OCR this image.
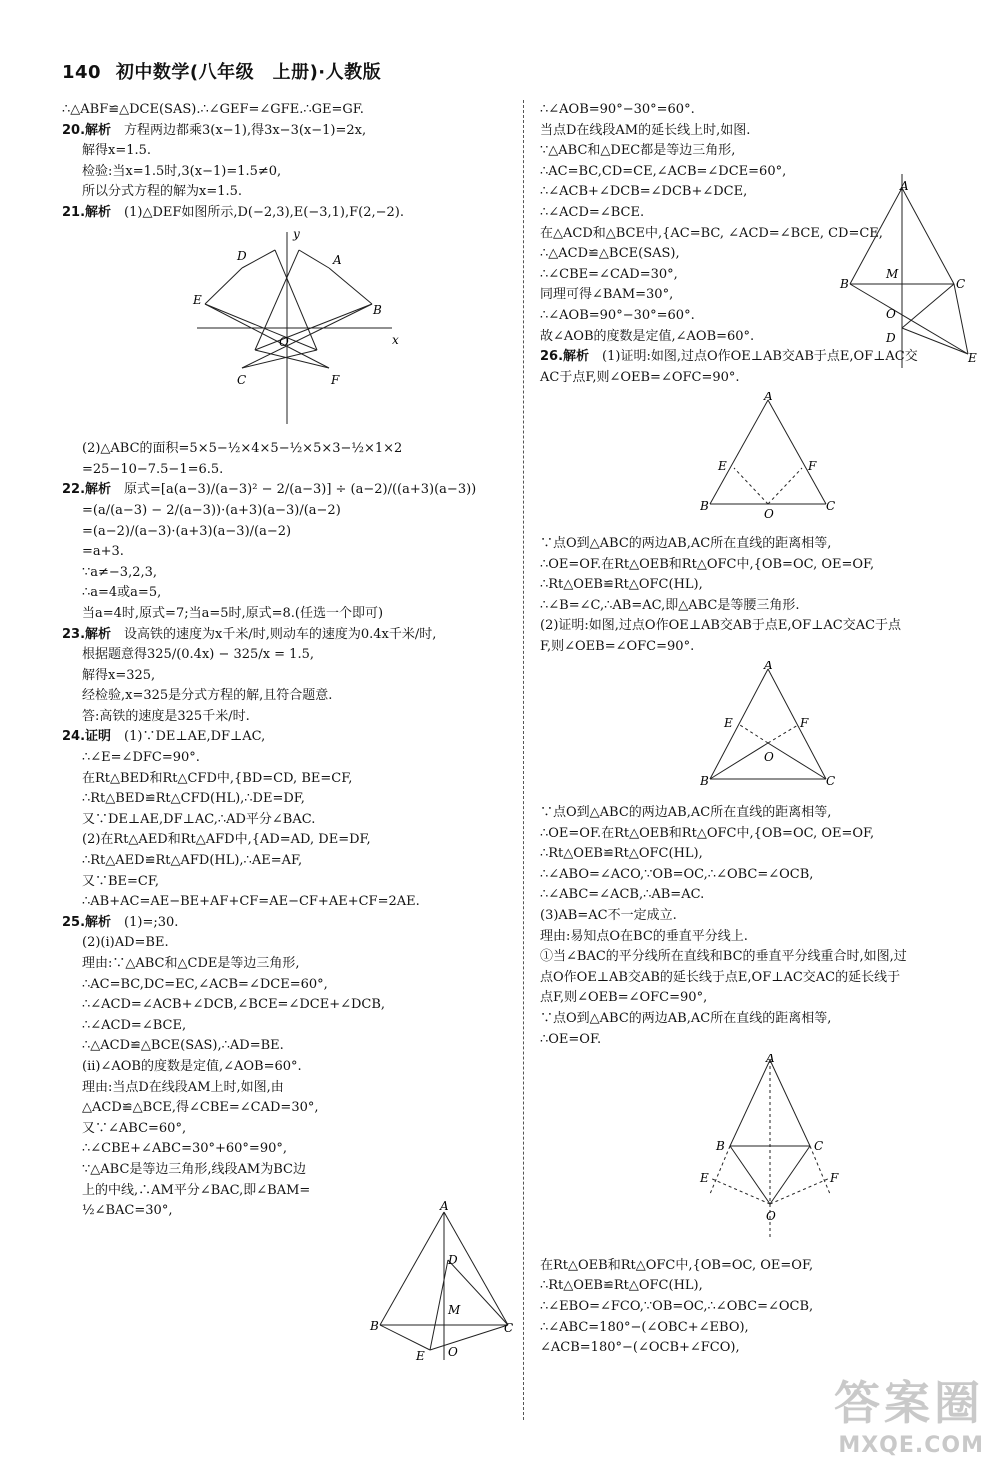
140 初中数学(八年级　上册)·人教版
∴△ABF≌△DCE(SAS).∴∠GEF=∠GFE.∴GE=GF.
20.解析　方程两边都乘3(x−1),得3x−3(x−1)=2x,
解得x=1.5.
检验:当x=1.5时,3(x−1)=1.5≠0,
所以分式方程的解为x=1.5.
21.解析　(1)△DEF如图所示,D(−2,3),E(−3,1),F(2,−2).
y
x
O
A
B
C
D
E
F
(2)△ABC的面积=5×5−½×4×5−½×5×3−½×1×2
=25−10−7.5−1=6.5.
22.解析　原式=[a(a−3)/(a−3)² − 2/(a−3)] ÷ (a−2)/((a+3)(a−3))
=(a/(a−3) − 2/(a−3))·(a+3)(a−3)/(a−2)
=(a−2)/(a−3)·(a+3)(a−3)/(a−2)
=a+3.
∵a≠−3,2,3,
∴a=4或a=5,
当a=4时,原式=7;当a=5时,原式=8.(任选一个即可)
23.解析　设高铁的速度为x千米/时,则动车的速度为0.4x千米/时,
根据题意得325/(0.4x) − 325/x = 1.5,
解得x=325,
经检验,x=325是分式方程的解,且符合题意.
答:高铁的速度是325千米/时.
24.证明　(1)∵DE⊥AE,DF⊥AC,
∴∠E=∠DFC=90°.
在Rt△BED和Rt△CFD中,{BD=CD, BE=CF,
∴Rt△BED≌Rt△CFD(HL),∴DE=DF,
又∵DE⊥AE,DF⊥AC,∴AD平分∠BAC.
(2)在Rt△AED和Rt△AFD中,{AD=AD, DE=DF,
∴Rt△AED≌Rt△AFD(HL),∴AE=AF,
又∵BE=CF,
∴AB+AC=AE−BE+AF+CF=AE−CF+AE+CF=2AE.
25.解析　(1)=;30.
(2)(i)AD=BE.
理由:∵△ABC和△CDE是等边三角形,
∴AC=BC,DC=EC,∠ACB=∠DCE=60°,
∴∠ACD=∠ACB+∠DCB,∠BCE=∠DCE+∠DCB,
∴∠ACD=∠BCE,
∴△ACD≌△BCE(SAS),∴AD=BE.
(ii)∠AOB的度数是定值,∠AOB=60°.
理由:当点D在线段AM上时,如图,由
△ACD≌△BCE,得∠CBE=∠CAD=30°,
又∵∠ABC=60°,
∴∠CBE+∠ABC=30°+60°=90°,
∵△ABC是等边三角形,线段AM为BC边
上的中线,∴AM平分∠BAC,即∠BAM=
½∠BAC=30°,
∴∠AOB=90°−30°=60°.
当点D在线段AM的延长线上时,如图.
∵△ABC和△DEC都是等边三角形,
∴AC=BC,CD=CE,∠ACB=∠DCE=60°,
∴∠ACB+∠DCB=∠DCB+∠DCE,
∴∠ACD=∠BCE.
在△ACD和△BCE中,{AC=BC, ∠ACD=∠BCE, CD=CE,
∴△ACD≌△BCE(SAS),
∴∠CBE=∠CAD=30°,
同理可得∠BAM=30°,
∴∠AOB=90°−30°=60°.
故∠AOB的度数是定值,∠AOB=60°.
26.解析　(1)证明:如图,过点O作OE⊥AB交AB于点E,OF⊥AC交
AC于点F,则∠OEB=∠OFC=90°.
A
B	C
E	F
O
∵点O到△ABC的两边AB,AC所在直线的距离相等,
∴OE=OF.在Rt△OEB和Rt△OFC中,{OB=OC, OE=OF,
∴Rt△OEB≌Rt△OFC(HL),
∴∠B=∠C,∴AB=AC,即△ABC是等腰三角形.
(2)证明:如图,过点O作OE⊥AB交AB于点E,OF⊥AC交AC于点
F,则∠OEB=∠OFC=90°.
A
B	C
E	F
O
∵点O到△ABC的两边AB,AC所在直线的距离相等,
∴OE=OF.在Rt△OEB和Rt△OFC中,{OB=OC, OE=OF,
∴Rt△OEB≌Rt△OFC(HL),
∴∠ABO=∠ACO,∵OB=OC,∴∠OBC=∠OCB,
∴∠ABC=∠ACB,∴AB=AC.
(3)AB=AC不一定成立.
理由:易知点O在BC的垂直平分线上.
①当∠BAC的平分线所在直线和BC的垂直平分线重合时,如图,过
点O作OE⊥AB交AB的延长线于点E,OF⊥AC交AC的延长线于
点F,则∠OEB=∠OFC=90°,
∵点O到△ABC的两边AB,AC所在直线的距离相等,
∴OE=OF.
A
B	C
E	F
O
在Rt△OEB和Rt△OFC中,{OB=OC, OE=OF,
∴Rt△OEB≌Rt△OFC(HL),
∴∠EBO=∠FCO,∵OB=OC,∴∠OBC=∠OCB,
∴∠ABC=180°−(∠OBC+∠EBO),
∠ACB=180°−(∠OCB+∠FCO),
A
B	C
D
M
E O
A
B	C
M
O
D
E
答案圈
MXQE.COM
